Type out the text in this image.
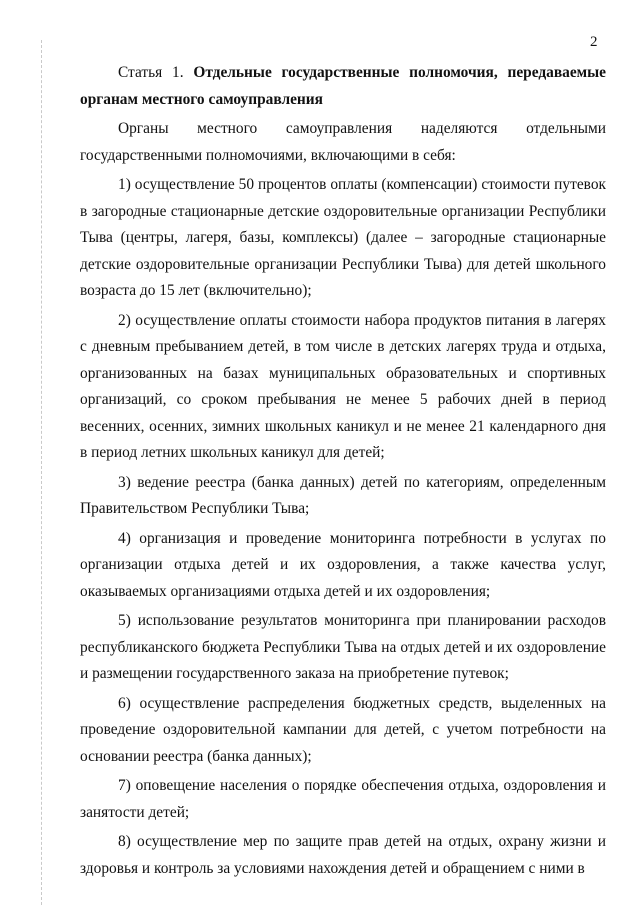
2

Статья 1. Отдельные государственные полномочия, передаваемые органам местного самоуправления

Органы местного самоуправления наделяются отдельными государственными полномочиями, включающими в себя:

1) осуществление 50 процентов оплаты (компенсации) стоимости путевок в загородные стационарные детские оздоровительные организации Республики Тыва (центры, лагеря, базы, комплексы) (далее – загородные стационарные детские оздоровительные организации Республики Тыва) для детей школьного возраста до 15 лет (включительно);

2) осуществление оплаты стоимости набора продуктов питания в лагерях с дневным пребыванием детей, в том числе в детских лагерях труда и отдыха, организованных на базах муниципальных образовательных и спортивных организаций, со сроком пребывания не менее 5 рабочих дней в период весенних, осенних, зимних школьных каникул и не менее 21 календарного дня в период летних школьных каникул для детей;

3) ведение реестра (банка данных) детей по категориям, определенным Правительством Республики Тыва;

4) организация и проведение мониторинга потребности в услугах по организации отдыха детей и их оздоровления, а также качества услуг, оказываемых организациями отдыха детей и их оздоровления;

5) использование результатов мониторинга при планировании расходов республиканского бюджета Республики Тыва на отдых детей и их оздоровление и размещении государственного заказа на приобретение путевок;

6) осуществление распределения бюджетных средств, выделенных на проведение оздоровительной кампании для детей, с учетом потребности на основании реестра (банка данных);

7) оповещение населения о порядке обеспечения отдыха, оздоровления и занятости детей;

8) осуществление мер по защите прав детей на отдых, охрану жизни и здоровья и контроль за условиями нахождения детей и обращением с ними в
